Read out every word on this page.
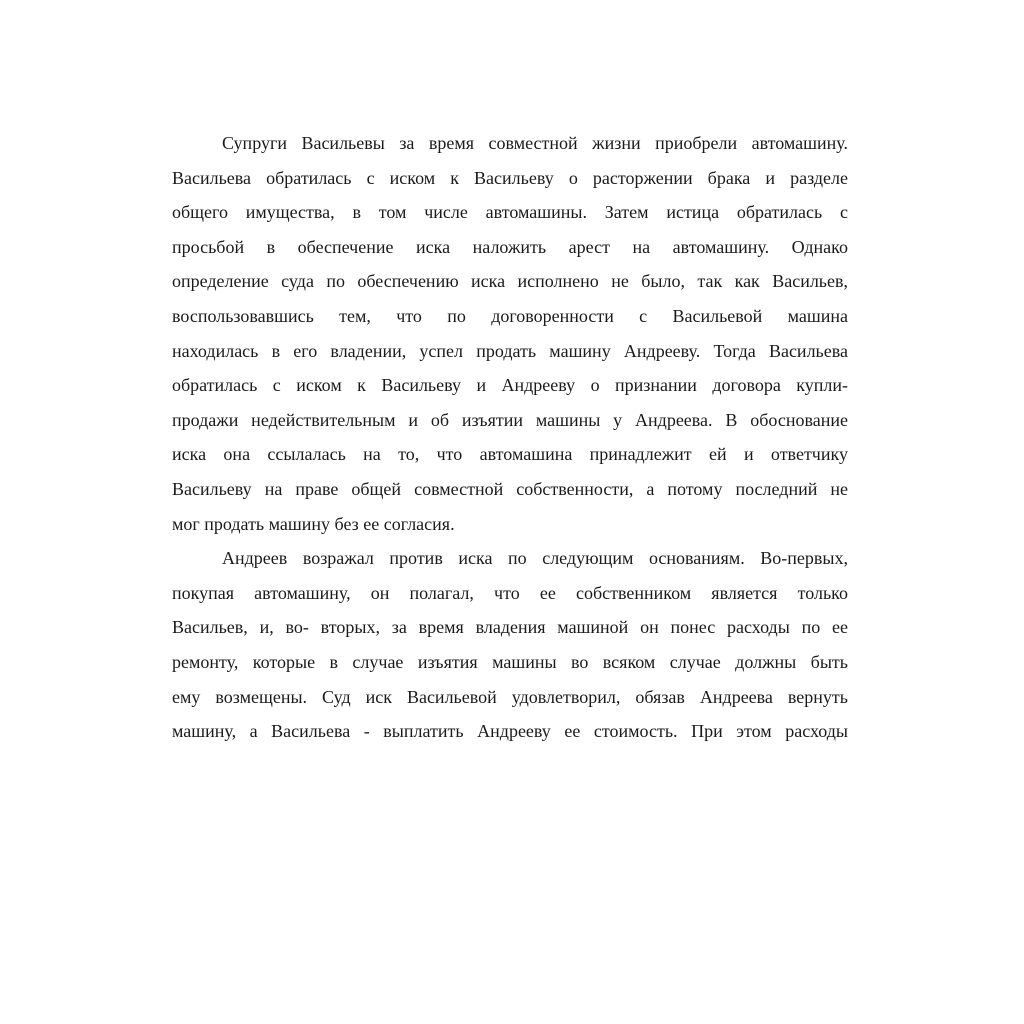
Супруги Васильевы за время совместной жизни приобрели автомашину.
Васильева обратилась с иском к Васильеву о расторжении брака и разделе
общего имущества, в том числе автомашины. Затем истица обратилась с
просьбой в обеспечение иска наложить арест на автомашину. Однако
определение суда по обеспечению иска исполнено не было, так как Васильев,
воспользовавшись тем, что по договоренности с Васильевой машина
находилась в его владении, успел продать машину Андрееву. Тогда Васильева
обратилась с иском к Васильеву и Андрееву о признании договора купли-
продажи недействительным и об изъятии машины у Андреева. В обоснование
иска она ссылалась на то, что автомашина принадлежит ей и ответчику
Васильеву на праве общей совместной собственности, а потому последний не
мог продать машину без ее согласия.
Андреев возражал против иска по следующим основаниям. Во-первых,
покупая автомашину, он полагал, что ее собственником является только
Васильев, и, во- вторых, за время владения машиной он понес расходы по ее
ремонту, которые в случае изъятия машины во всяком случае должны быть
ему возмещены. Суд иск Васильевой удовлетворил, обязав Андреева вернуть
машину, а Васильева - выплатить Андрееву ее стоимость. При этом расходы
